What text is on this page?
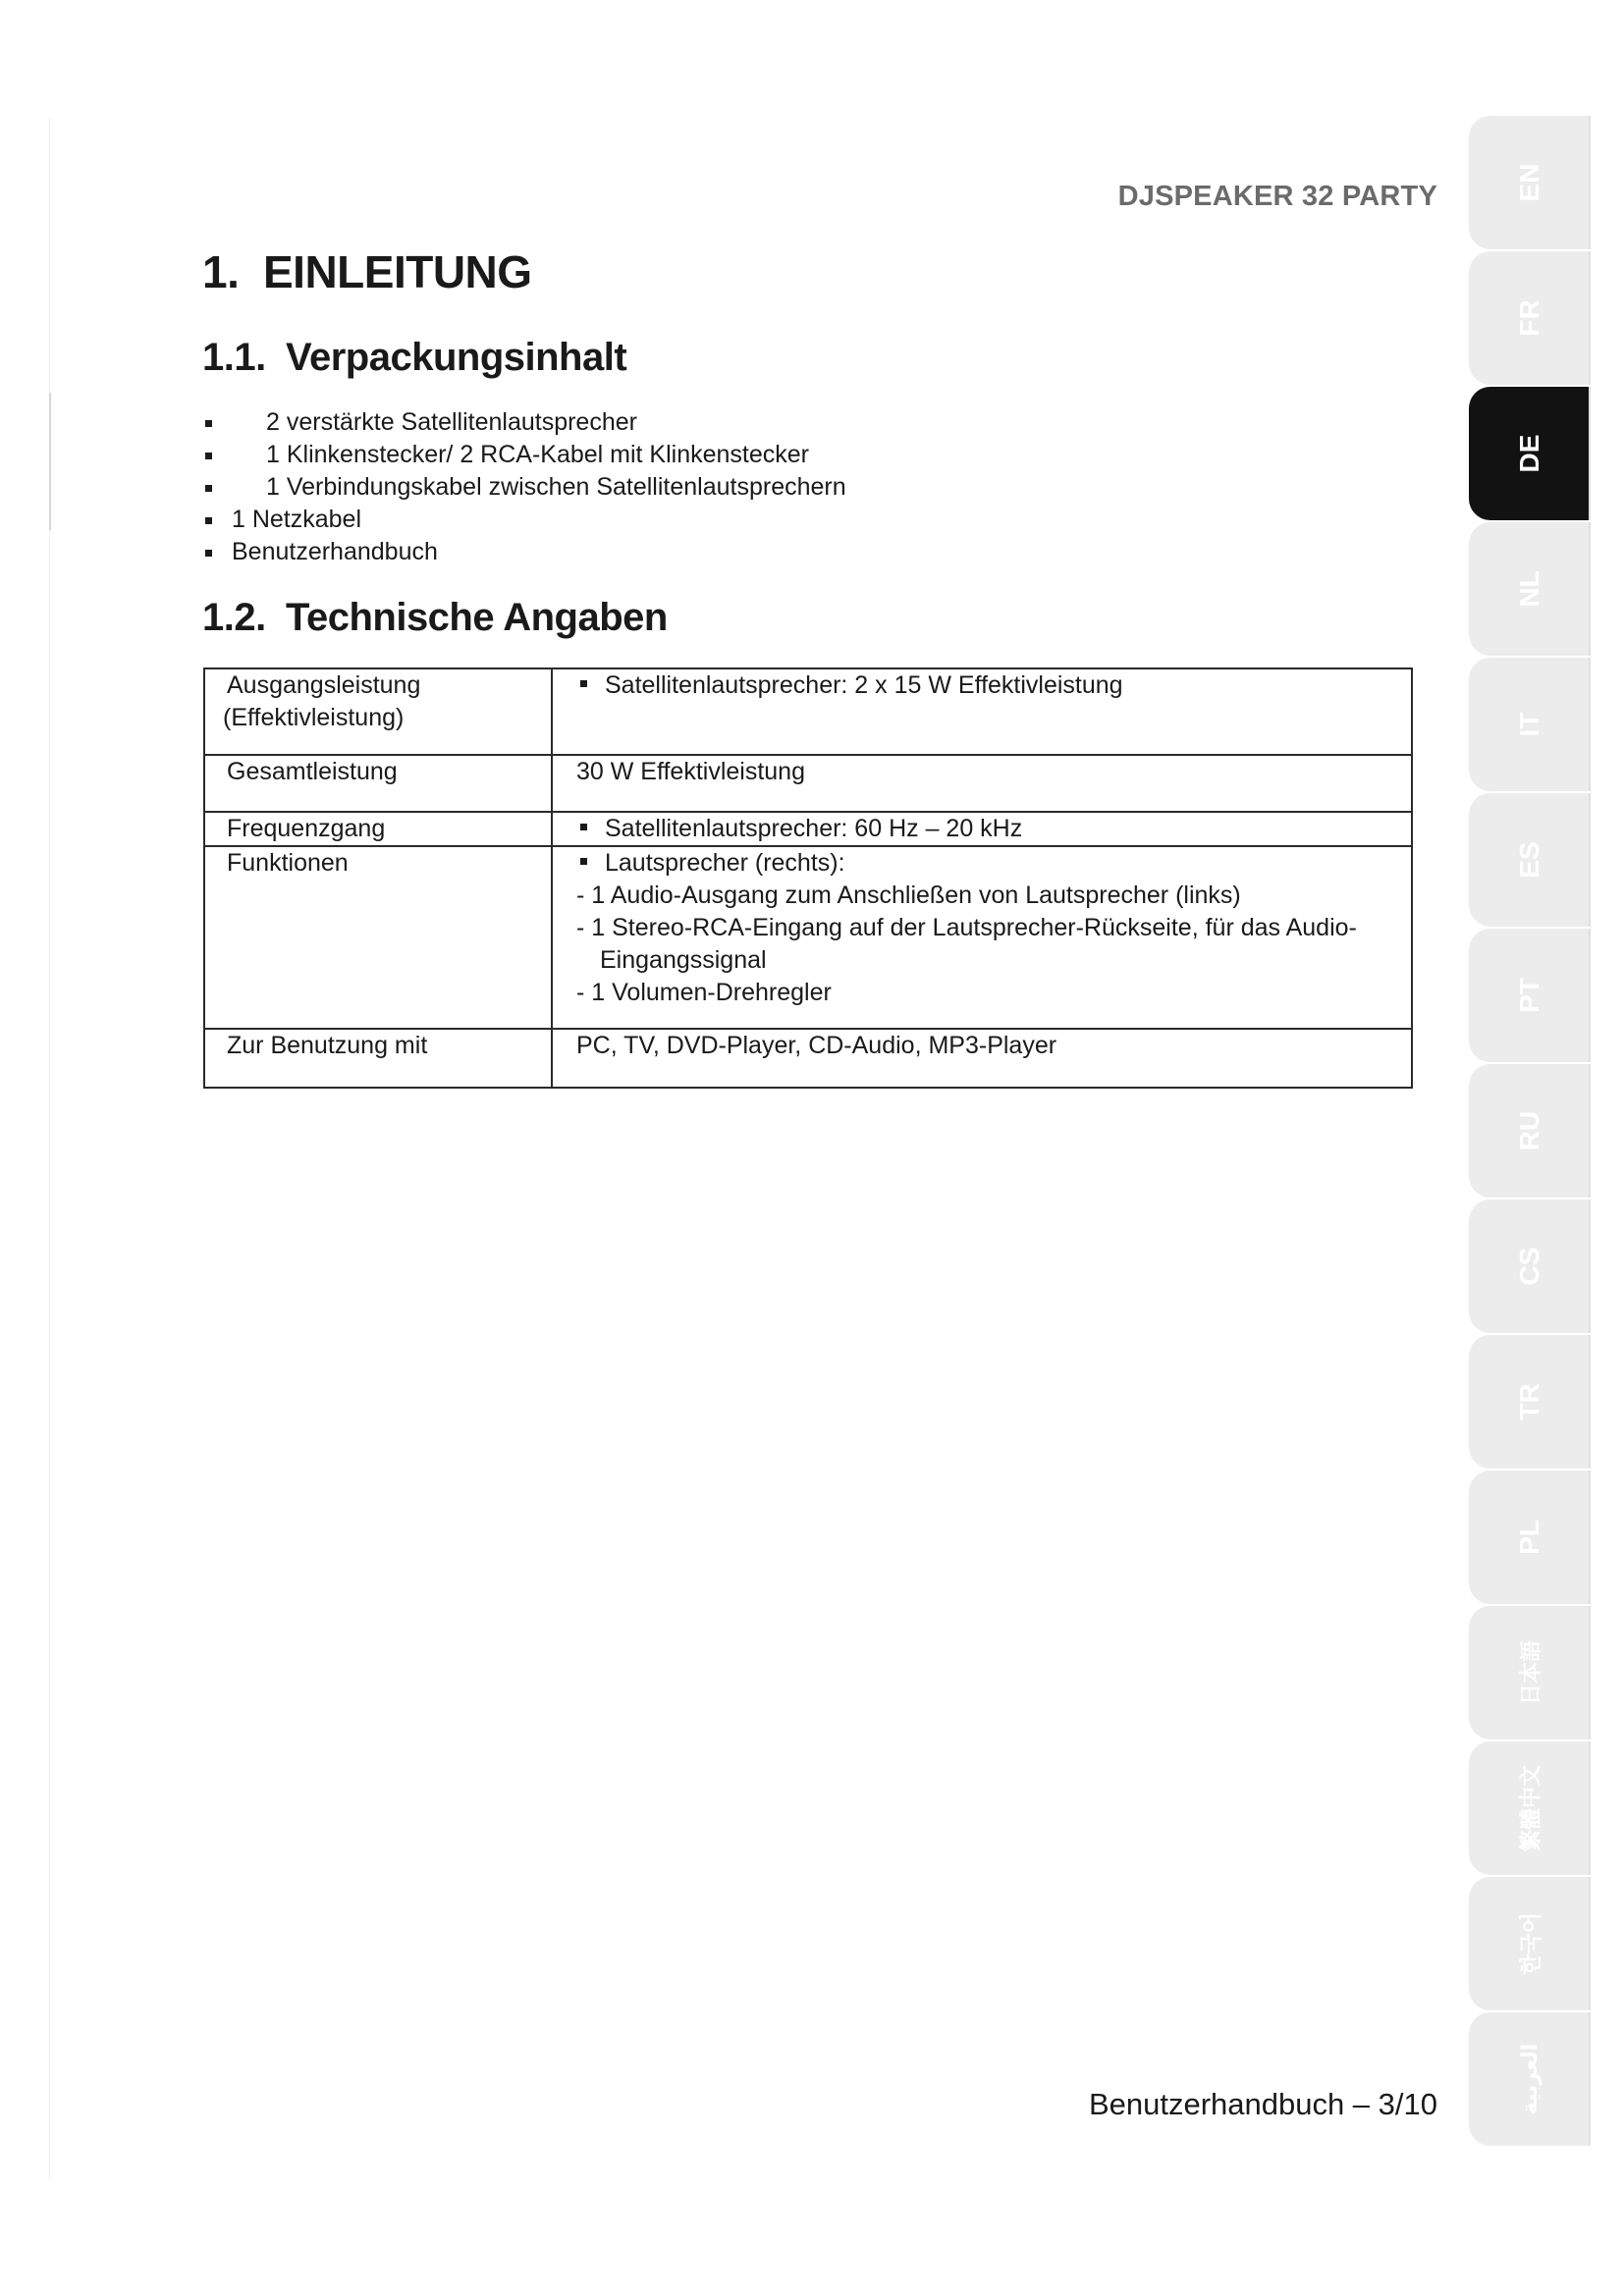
DJSPEAKER 32 PARTY
1. EINLEITUNG
1.1. Verpackungsinhalt
2 verstärkte Satellitenlautsprecher
1 Klinkenstecker/ 2 RCA-Kabel mit Klinkenstecker
1 Verbindungskabel zwischen Satellitenlautsprechern
1 Netzkabel
Benutzerhandbuch
1.2. Technische Angaben
Ausgangsleistung
(Effektivleistung)	Satellitenlautsprecher: 2 x 15 W Effektivleistung
Gesamtleistung	30 W Effektivleistung
Frequenzgang	Satellitenlautsprecher: 60 Hz – 20 kHz
Funktionen	Lautsprecher (rechts):
- 1 Audio-Ausgang zum Anschließen von Lautsprecher (links)
- 1 Stereo-RCA-Eingang auf der Lautsprecher-Rückseite, für das Audio-
Eingangssignal
- 1 Volumen-Drehregler

Zur Benutzung mit	PC, TV, DVD-Player, CD-Audio, MP3-Player
Benutzerhandbuch – 3/10
EN
FR
DE
NL
IT
ES
PT
RU
CS
TR
PL
日本語
繁體中文
한국어
العربية
